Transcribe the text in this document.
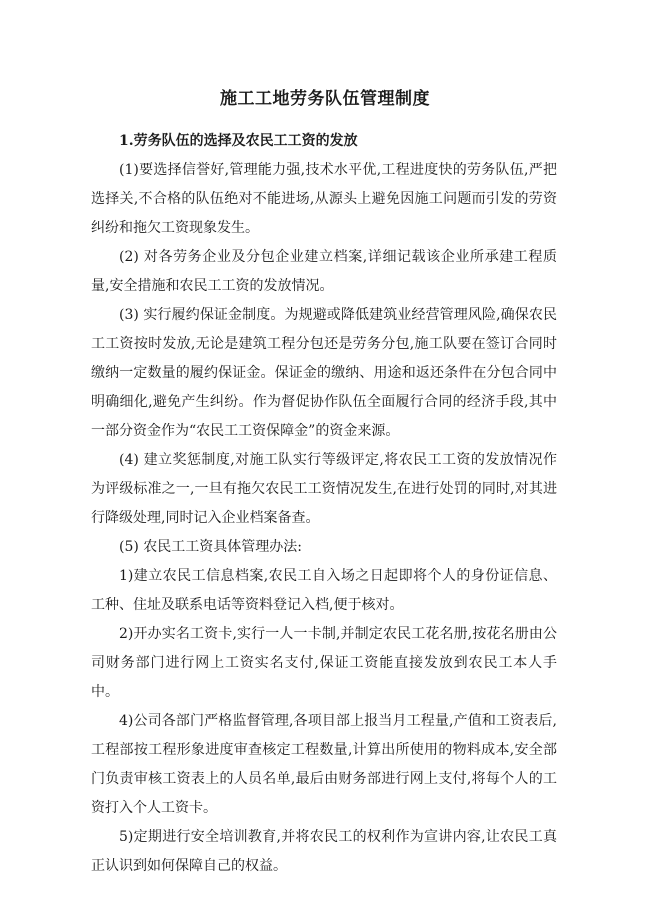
施工工地劳务队伍管理制度

1.劳务队伍的选择及农民工工资的发放

(1)要选择信誉好,管理能力强,技术水平优,工程进度快的劳务队伍,严把选择关,不合格的队伍绝对不能进场,从源头上避免因施工问题而引发的劳资纠纷和拖欠工资现象发生。

(2) 对各劳务企业及分包企业建立档案,详细记载该企业所承建工程质量,安全措施和农民工工资的发放情况。

(3) 实行履约保证金制度。为规避或降低建筑业经营管理风险,确保农民工工资按时发放,无论是建筑工程分包还是劳务分包,施工队要在签订合同时缴纳一定数量的履约保证金。保证金的缴纳、用途和返还条件在分包合同中明确细化,避免产生纠纷。作为督促协作队伍全面履行合同的经济手段,其中一部分资金作为“农民工工资保障金”的资金来源。

(4) 建立奖惩制度,对施工队实行等级评定,将农民工工资的发放情况作为评级标准之一,一旦有拖欠农民工工资情况发生,在进行处罚的同时,对其进行降级处理,同时记入企业档案备查。

(5) 农民工工资具体管理办法:

1)建立农民工信息档案,农民工自入场之日起即将个人的身份证信息、工种、住址及联系电话等资料登记入档,便于核对。

2)开办实名工资卡,实行一人一卡制,并制定农民工花名册,按花名册由公司财务部门进行网上工资实名支付,保证工资能直接发放到农民工本人手中。

4)公司各部门严格监督管理,各项目部上报当月工程量,产值和工资表后,工程部按工程形象进度审查核定工程数量,计算出所使用的物料成本,安全部门负责审核工资表上的人员名单,最后由财务部进行网上支付,将每个人的工资打入个人工资卡。

5)定期进行安全培训教育,并将农民工的权利作为宣讲内容,让农民工真正认识到如何保障自己的权益。
